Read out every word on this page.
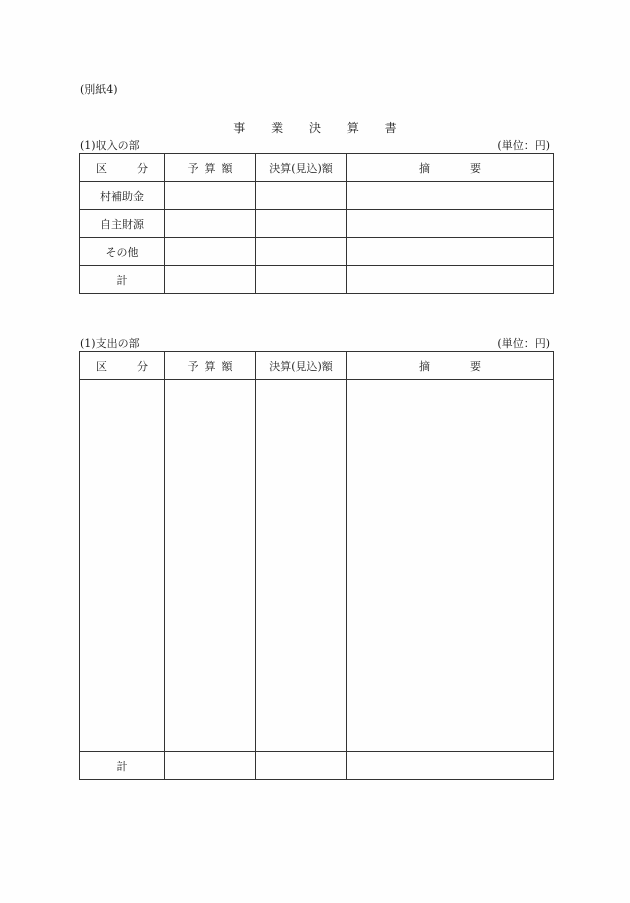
(別紙4)
事 業 決 算 書
(1)収入の部	(単位：円)
区 分	予 算 額	決算(見込)額	摘 要
村補助金			
自主財源			
その他			
計			
(1)支出の部	(単位：円)
区 分	予 算 額	決算(見込)額	摘 要

計			
